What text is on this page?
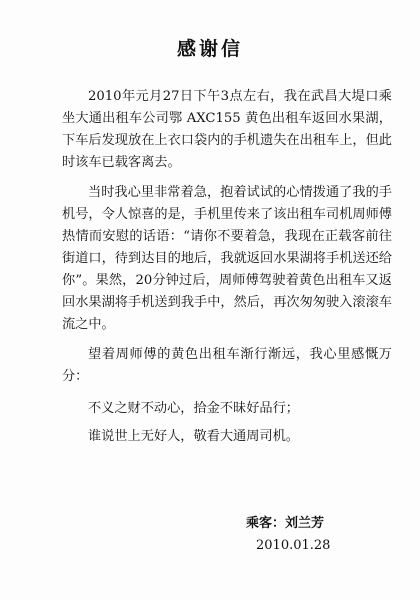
感谢信

2010年元月27日下午3点左右，我在武昌大堤口乘坐大通出租车公司鄂 AXC155 黄色出租车返回水果湖，下车后发现放在上衣口袋内的手机遗失在出租车上，但此时该车已载客离去。

当时我心里非常着急，抱着试试的心情拨通了我的手机号，令人惊喜的是，手机里传来了该出租车司机周师傅热情而安慰的话语：“请你不要着急，我现在正载客前往街道口，待到达目的地后，我就返回水果湖将手机送还给你”。果然，20分钟过后，周师傅驾驶着黄色出租车又返回水果湖将手机送到我手中，然后，再次匆匆驶入滚滚车流之中。

望着周师傅的黄色出租车渐行渐远，我心里感慨万分：

不义之财不动心，拾金不昧好品行；
谁说世上无好人，敬看大通周司机。
乘客：刘兰芳
2010.01.28
